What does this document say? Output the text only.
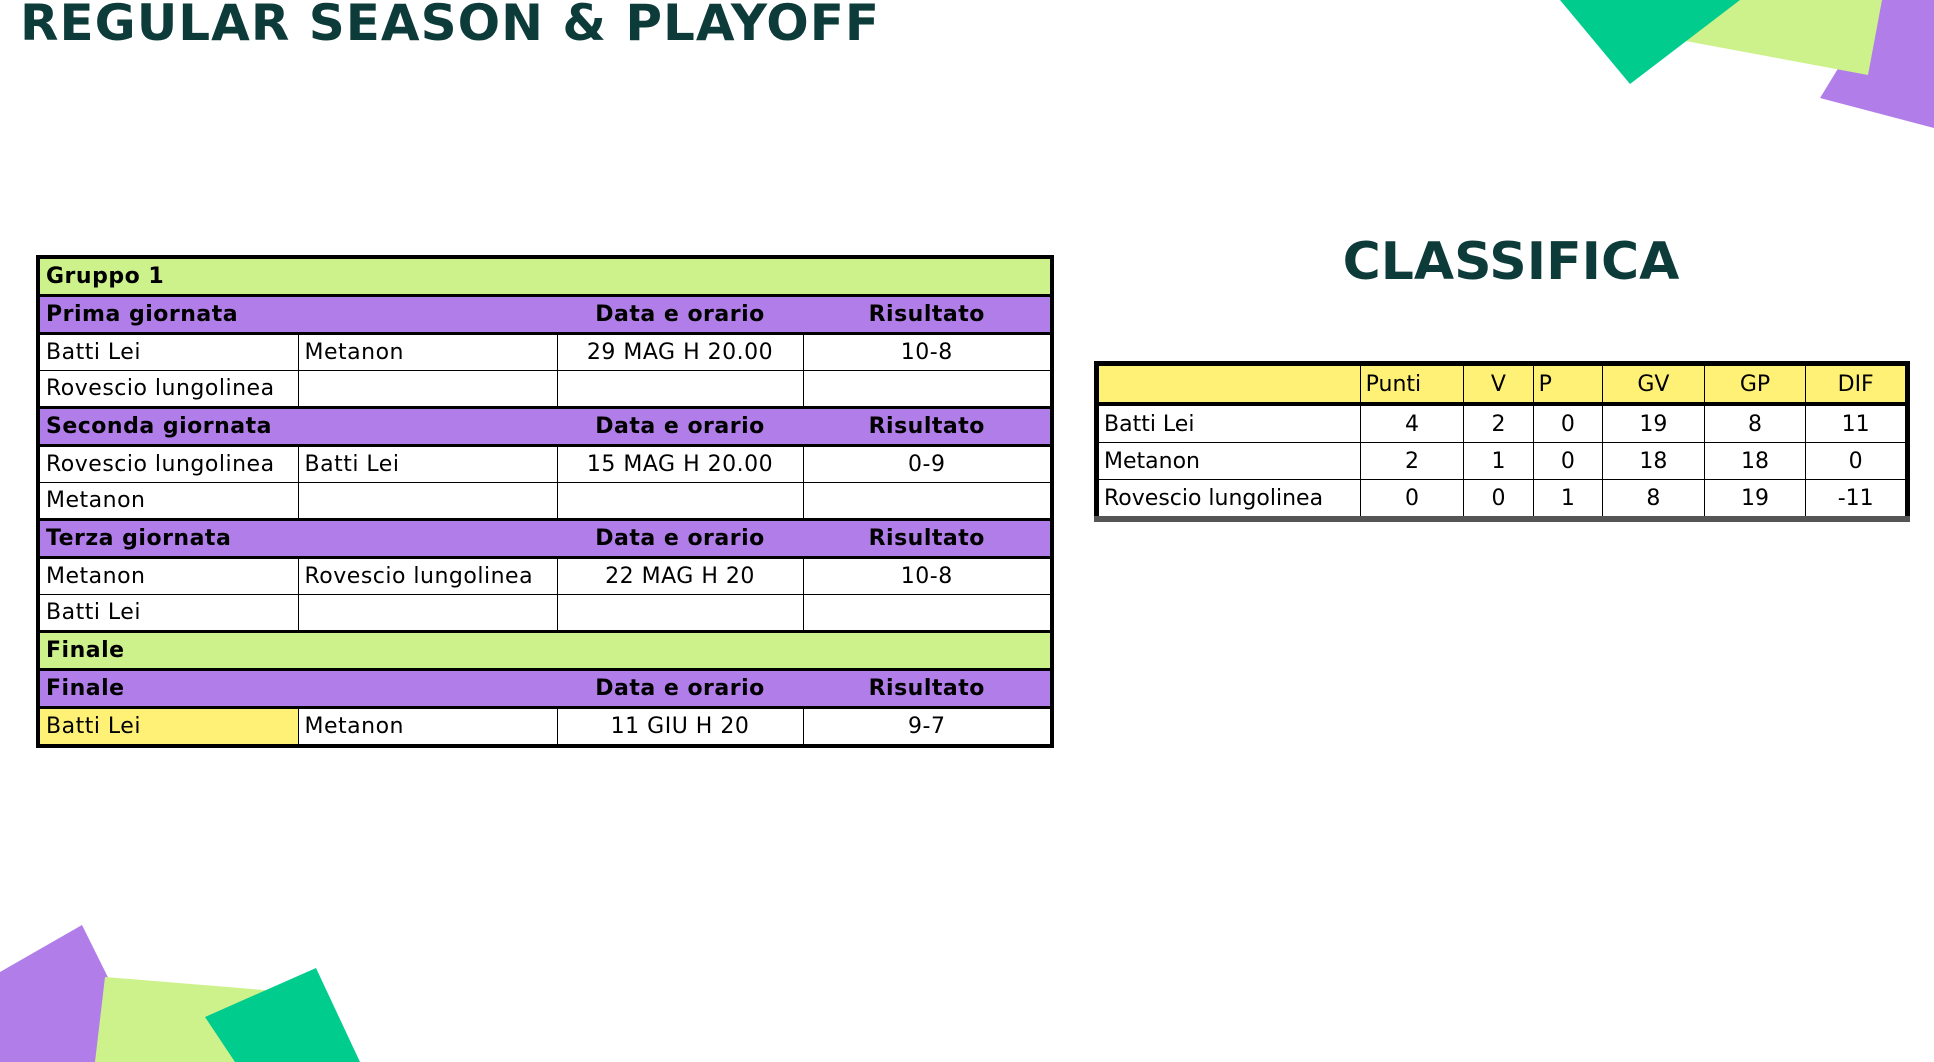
REGULAR SEASON & PLAYOFF
Gruppo 1			
Prima giornata		Data e orario	Risultato
Batti Lei	Metanon	29 MAG H 20.00	10-8
Rovescio lungolinea			
Seconda giornata		Data e orario	Risultato
Rovescio lungolinea	Batti Lei	15 MAG H 20.00	0-9
Metanon			
Terza giornata		Data e orario	Risultato
Metanon	Rovescio lungolinea	22 MAG H 20	10-8
Batti Lei			
Finale			
Finale		Data e orario	Risultato
Batti Lei	Metanon	11 GIU H 20	9-7
CLASSIFICA
	Punti	V	P	GV	GP	DIF
Batti Lei	4	2	0	19	8	11
Metanon	2	1	0	18	18	0
Rovescio lungolinea	0	0	1	8	19	-11
